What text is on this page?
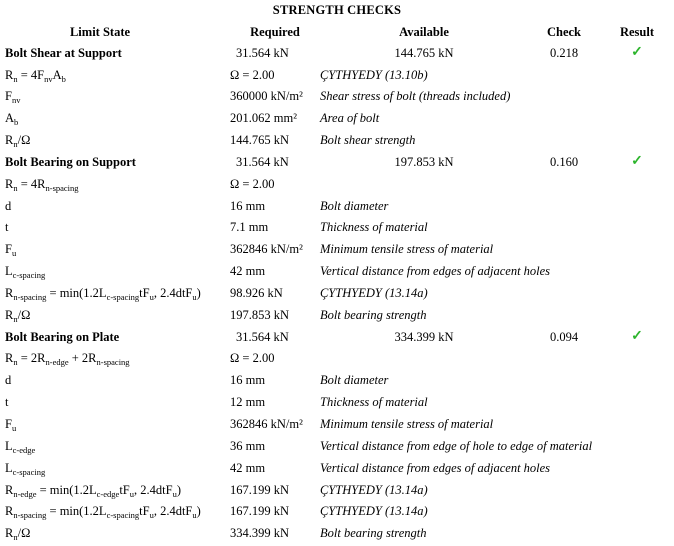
STRENGTH CHECKS
Limit State	Required	Available	Check	Result
Bolt Shear at Support	31.564 kN	144.765 kN	0.218	✓
$R_n = 4F_{nv}A_b$	Ω = 2.00	ÇYTHYEDY (13.10b)
$F_{nv}$	360000 kN/m²	Shear stress of bolt (threads included)
$A_b$	201.062 mm²	Area of bolt
$R_n/\Omega$	144.765 kN	Bolt shear strength
Bolt Bearing on Support	31.564 kN	197.853 kN	0.160	✓
$R_n = 4R_{n-spacing}$	Ω = 2.00
d	16 mm	Bolt diameter
t	7.1 mm	Thickness of material
$F_u$	362846 kN/m²	Minimum tensile stress of material
$L_{c-spacing}$	42 mm	Vertical distance from edges of adjacent holes
$R_{n-spacing} = \min(1.2L_{c-spacing}tF_u$, 2.4dtF$_u$)	98.926 kN	ÇYTHYEDY (13.14a)
$R_n/\Omega$	197.853 kN	Bolt bearing strength
Bolt Bearing on Plate	31.564 kN	334.399 kN	0.094	✓
$R_n = 2R_{n-edge} + 2R_{n-spacing}$	Ω = 2.00
d	16 mm	Bolt diameter
t	12 mm	Thickness of material
$F_u$	362846 kN/m²	Minimum tensile stress of material
$L_{c-edge}$	36 mm	Vertical distance from edge of hole to edge of material
$L_{c-spacing}$	42 mm	Vertical distance from edges of adjacent holes
$R_{n-edge} = \min(1.2L_{c-edge}tF_u$, 2.4dtF$_u$)	167.199 kN	ÇYTHYEDY (13.14a)
$R_{n-spacing} = \min(1.2L_{c-spacing}tF_u$, 2.4dtF$_u$)	167.199 kN	ÇYTHYEDY (13.14a)
$R_n/\Omega$	334.399 kN	Bolt bearing strength
